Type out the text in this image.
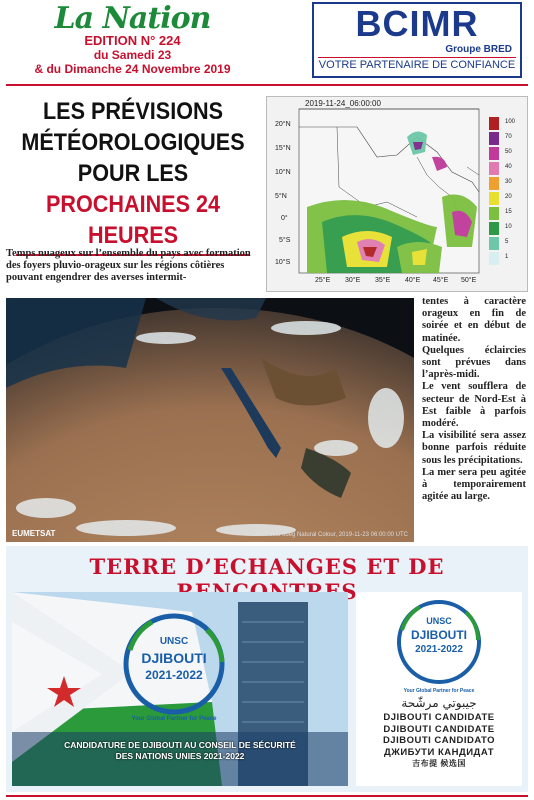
La Nation
EDITION N° 224
du Samedi 23
& du Dimanche 24 Novembre 2019
BCIMR
Groupe BRED
VOTRE PARTENAIRE DE CONFIANCE
LES PRÉVISIONS
MÉTÉOROLOGIQUES
POUR LES
PROCHAINES 24 HEURES
Temps nuageux sur l’ensemble du pays avec formation des foyers pluvio-orageux sur les régions côtières pouvant engendrer des averses intermit-
2019-11-24_06:00:00
20°N
15°N
10°N
5°N
0°
5°S
10°S
25°E 30°E 35°E 40°E 45°E 50°E
100
70
50
40
30
20
15
10
5
1
EUMETSAT	Meteosat 0deg Natural Colour, 2019-11-23 06:00:00 UTC

tentes à caractère orageux en fin de soirée et en début de matinée.

Quelques éclaircies sont prévues dans l’après-midi.

Le vent soufflera de secteur de Nord-Est à Est faible à parfois modéré.

La visibilité sera assez bonne parfois réduite sous les précipitations.

La mer sera peu agitée à temporairement agitée au large.

TERRE D’ECHANGES ET DE
UNSC
DJIBOUTI
2021-2022
Your Global Partner for Peace
CANDIDATURE DE DJIBOUTI AU CONSEIL DE SÉCURITÉ
DES NATIONS UNIES 2021-2022
UNSC
DJIBOUTI
2021-2022
Your Global Partner for Peace
جيبوتي مرشّحة
DJIBOUTI CANDIDATE
DJIBOUTI CANDIDATE
DJIBOUTI CANDIDATO
ДЖИБУТИ КАНДИДАТ
吉布提 候选国
